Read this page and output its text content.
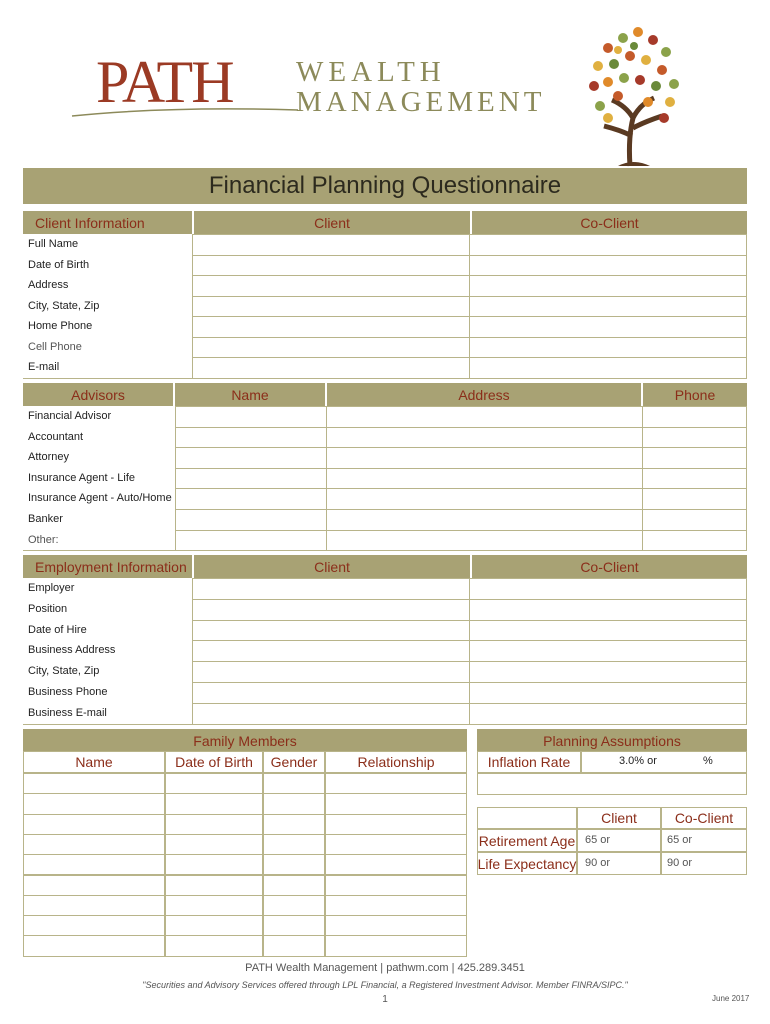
PATH WEALTH
MANAGEMENT
Financial Planning Questionnaire
Client Information	Client	Co-Client
Full Name
Date of Birth
Address
City, State, Zip
Home Phone
Cell Phone
E-mail
Advisors	Name	Address	Phone
Financial Advisor
Accountant
Attorney
Insurance Agent - Life
Insurance Agent - Auto/Home
Banker
Other:
Employment Information	Client	Co-Client
Employer
Position
Date of Hire
Business Address
City, State, Zip
Business Phone
Business E-mail
Family Members
Name	Date of Birth	Gender	Relationship
Planning Assumptions
Inflation Rate	3.0% or	%
Client	Co-Client
Retirement Age 65 or	65 or
Life Expectancy 90 or	90 or
PATH Wealth Management | pathwm.com | 425.289.3451
"Securities and Advisory Services offered through LPL Financial, a Registered Investment Advisor. Member FINRA/SIPC."
1	June 2017
